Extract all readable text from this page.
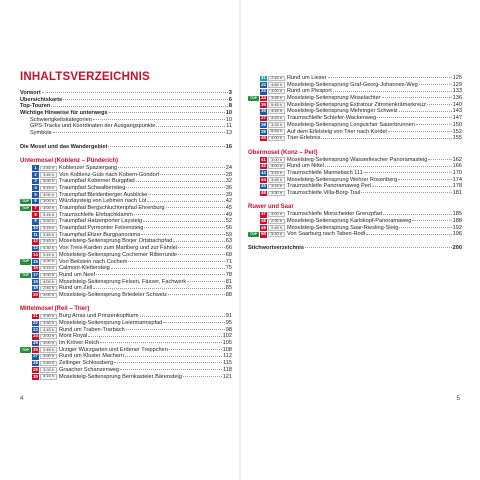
INHALTSVERZEICHNIS
Vorwort	3
Übersichtskarte	6
Top-Touren	8
Wichtige Hinweise für unterwegs	10
Schwierigkeitskategorien	10
GPS-Tracks und Koordinaten der Ausgangspunkte	11
Symbole	13
Die Mosel und das Wandergebiet	16
Untermosel (Koblenz – Pünderich)
1	2:45 h Koblenzer Spaziergang	24
2	3:45 h Von Koblenz-Güls nach Kobern-Gondorf	28
3	5:00 h Traumpfad Koberner Burgpfad	32
4	5:15 h Traumpfad Schwalberstieg	36
5	4:00 h Traumpfad Bleidenberger Ausblicke	39
TOP	6	3:00 h Würzlaysteig von Lehmen nach Löf	42
TOP	7	4:00 h Traumpfad Bergschluchtenpfad Ehrenburg	45
8	3:15 h Traumschleife Ehrbachklamm	49
9	3:30 h Traumpfad Hatzenporter Laysteig	52
10	3:15 h Traumpfad Pyrmonter Felsensteig	56
11	3:45 h Traumpfad Eltzer Burgpanorama	59
12	2:45 h Moselsteig-Seitensprung Borjer Ortsbachpfad	63
13	4:30 h Von Treis-Karden zum Martberg und zur Fahrlei	66
14	3:15 h Moselsteig-Seitensprung Cochemer Ritterrunde	68
TOP	15	4:00 h Von Beilstein nach Cochem	71
16	3:15 h Calmont-Klettersteig	75
TOP	17	3:00 h Rund um Neef	78
18	4:00 h Moselsteig-Seitensprung Felsen, Fässer, Fachwerk	81
19	2:45 h Rund um Zell	85
20	3:00 h Moselsteig-Seitensprung Briedeler Schweiz	88
Mittelmosel (Reil – Trier)
21	3:30 h Burg Arras und Prinzenkopfturm	91
22	3:30 h Moselsteig-Seitensprung Leiermannspfad	95
23	4:45 h Rund um Traben-Trarbach	98
24	3:00 h Mont Royal	102
25	3:00 h Im Kröver Reich	105
TOP	26	2:45 h Ürziger Würzgarten und Erdener Treppchen	108
27	3:00 h Rund um Kloster Machern	112
28	2:45 h Zeltinger Schlossberg	115
29	3:00 h Graacher Schanzenweg	118
30	4:15 h Moselsteig-Seitensprung Bernkasteler Bärensteig	121
4
31	2:15 h Rund um Lieser	125
32	4:45 h Moselsteig-Seitensprung Graf-Georg-Johannes-Weg	129
33	3:00 h Rund um Piesport	133
TOP	34	3:45 h Moselsteig-Seitensprung Moselachter	136
35	5:45 h Moselsteig-Seitensprung Extratour Zitronenkrämerkreuz	140
36	4:45 h Moselsteig-Seitensprung Mehringer Schweiz	143
37	4:15 h Traumschleife Schiefer-Wackenweg	147
38	3:15 h Moselsteig-Seitensprung Longuicher Sauerbrunnen	150
39	6:45 h Auf dem Eifelsteig von Trier nach Kordel	152
40	4:00 h Trier-Erlebnis	155
Obermosel (Konz – Perl)
41	3:00 h Moselsteig-Seitensprung Wasserliescher Panoramasteig	162
42	3:00 h Rund um Nittel	166
43	3:15 h Traumschleife Mannebach 111	170
44	3:45 h Moselsteig-Seitensprung Wehrer Rosenberg	174
45	3:15 h Traumschleife Panoramaweg Perl	178
46	3:30 h Traumschleife Villa-Borg-Trail	181
Ruwer und Saar
47	3:00 h Traumschleife Morscheider Grenzpfad	185
48	2:30 h Moselsteig-Seitensprung Karlskopf-Panoramaweg	188
49	2:45 h Moselsteig-Seitensprung Saar-Riesling-Steig	192
TOP	50	5:30 h Von Saarburg nach Taben-Rodt	196
Stichwortverzeichnis	200
5
